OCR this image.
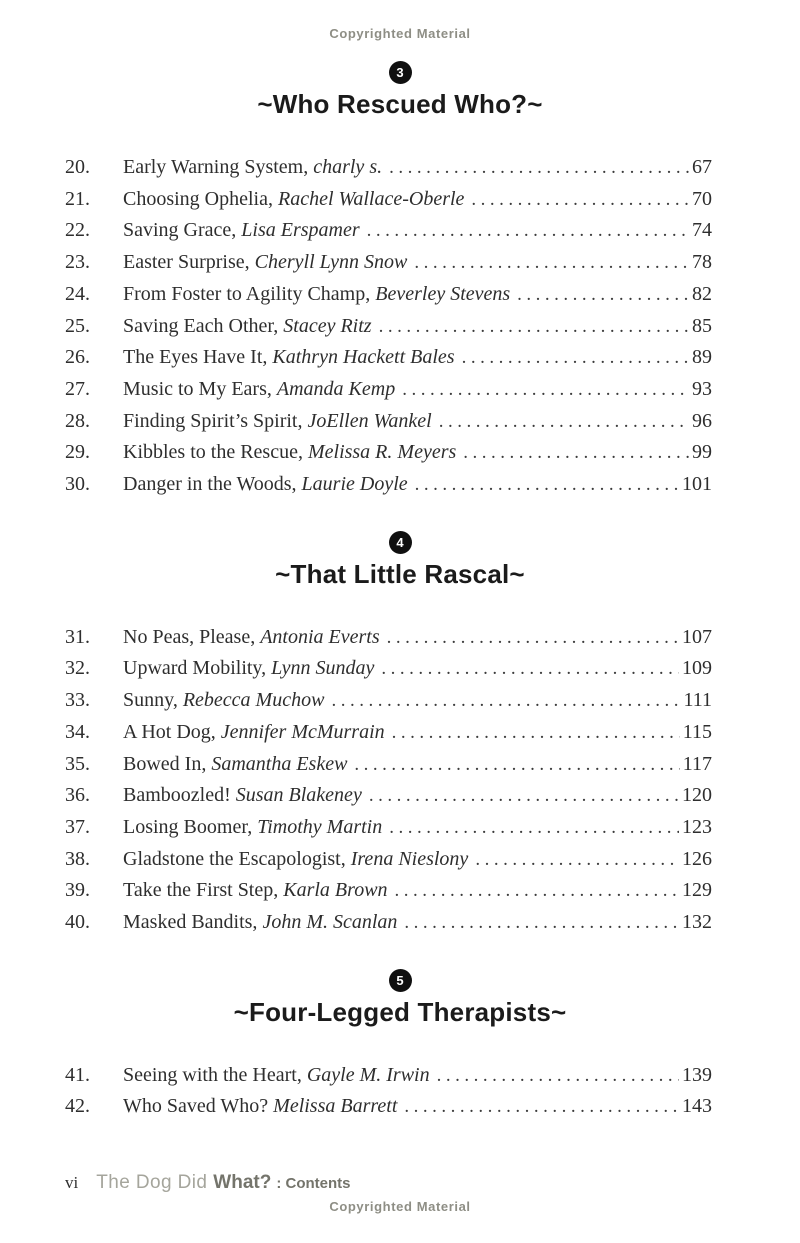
Copyrighted Material
3
~Who Rescued Who?~
20.	Early Warning System, charly s. .....	67
21.	Choosing Ophelia, Rachel Wallace-Oberle .....	70
22.	Saving Grace, Lisa Erspamer .....	74
23.	Easter Surprise, Cheryll Lynn Snow .....	78
24.	From Foster to Agility Champ, Beverley Stevens .....	82
25.	Saving Each Other, Stacey Ritz .....	85
26.	The Eyes Have It, Kathryn Hackett Bales .....	89
27.	Music to My Ears, Amanda Kemp .....	93
28.	Finding Spirit’s Spirit, JoEllen Wankel .....	96
29.	Kibbles to the Rescue, Melissa R. Meyers .....	99
30.	Danger in the Woods, Laurie Doyle .....	101
4
~That Little Rascal~
31.	No Peas, Please, Antonia Everts .....	107
32.	Upward Mobility, Lynn Sunday .....	109
33.	Sunny, Rebecca Muchow .....	111
34.	A Hot Dog, Jennifer McMurrain .....	115
35.	Bowed In, Samantha Eskew .....	117
36.	Bamboozled! Susan Blakeney .....	120
37.	Losing Boomer, Timothy Martin .....	123
38.	Gladstone the Escapologist, Irena Nieslony .....	126
39.	Take the First Step, Karla Brown .....	129
40.	Masked Bandits, John M. Scanlan .....	132
5
~Four-Legged Therapists~
41.	Seeing with the Heart, Gayle M. Irwin .....	139
42.	Who Saved Who? Melissa Barrett .....	143
vi The Dog Did What? : Contents
Copyrighted Material
